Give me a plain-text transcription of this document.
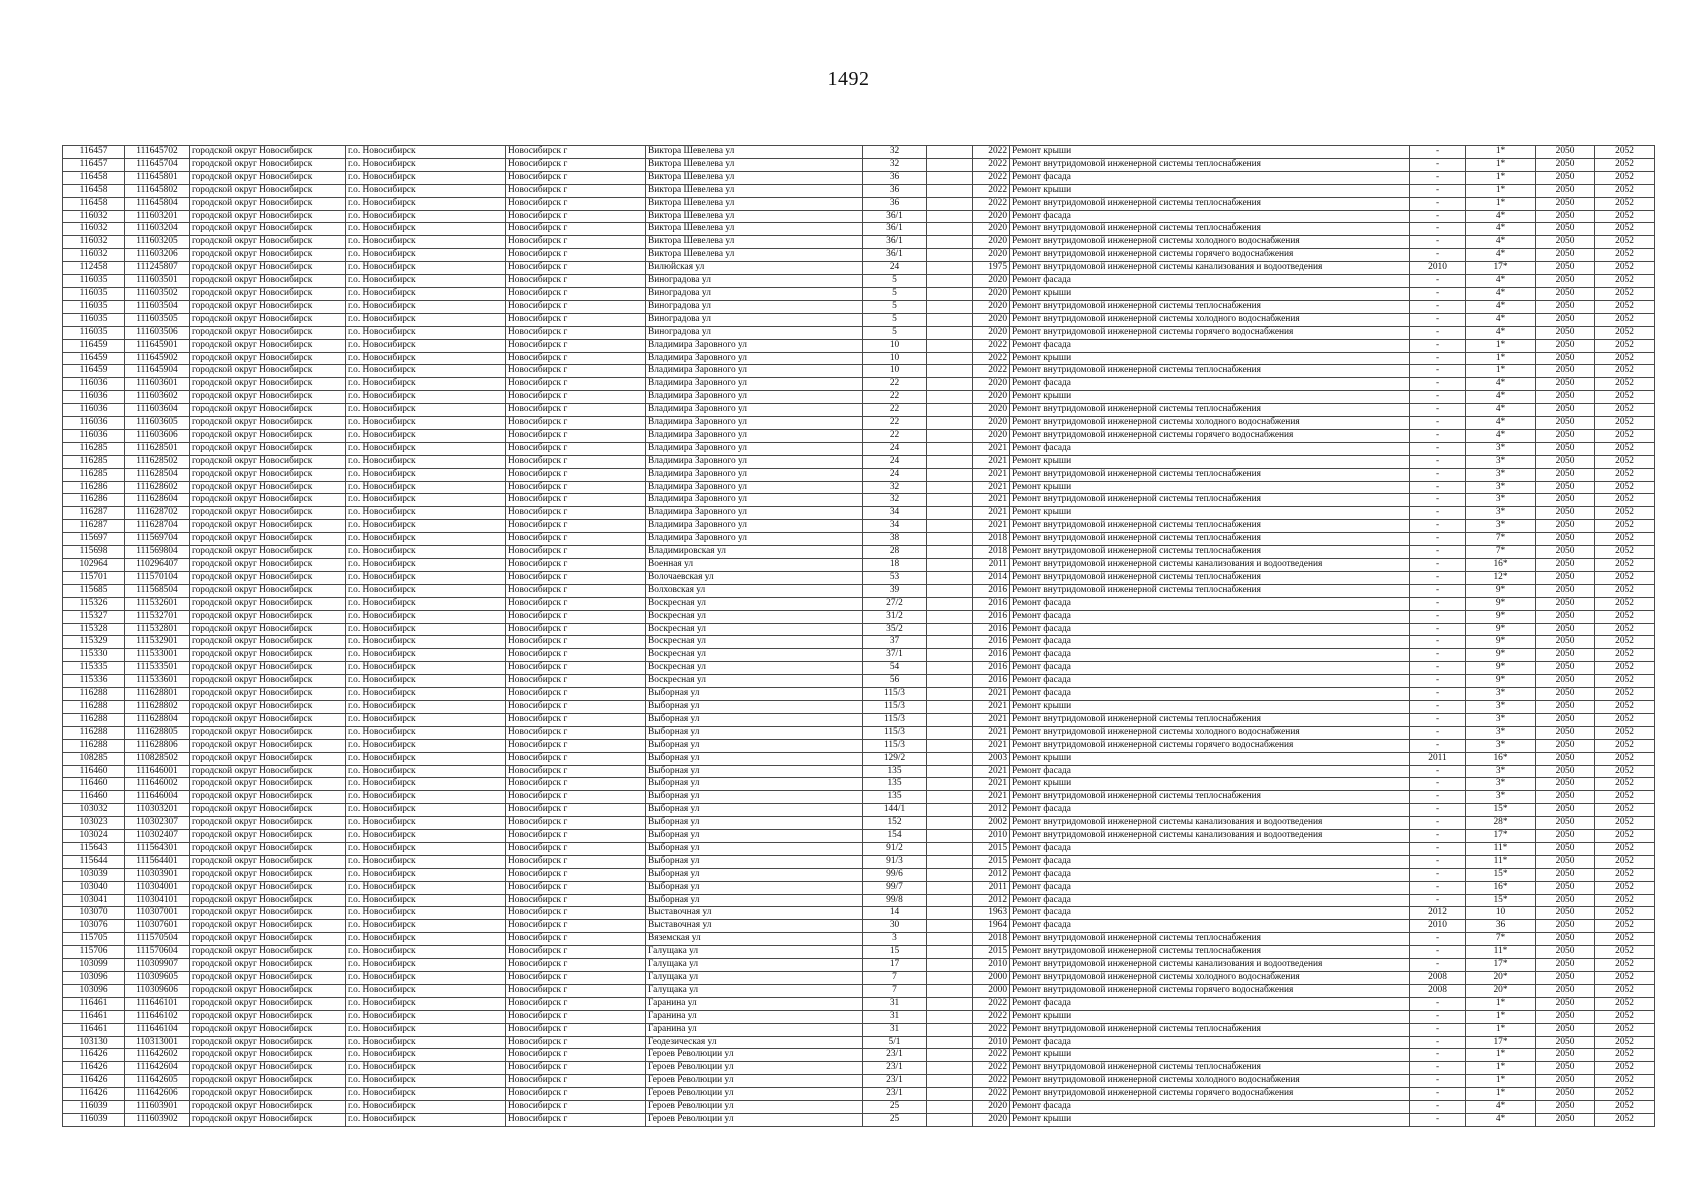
1492
116457	111645702	городской округ Новосибирск	г.о. Новосибирск	Новосибирск г	Виктора Шевелева ул	32		2022	Ремонт крыши	-	1*	2050	2052
116457	111645704	городской округ Новосибирск	г.о. Новосибирск	Новосибирск г	Виктора Шевелева ул	32		2022	Ремонт внутридомовой инженерной системы теплоснабжения	-	1*	2050	2052
116458	111645801	городской округ Новосибирск	г.о. Новосибирск	Новосибирск г	Виктора Шевелева ул	36		2022	Ремонт фасада	-	1*	2050	2052
116458	111645802	городской округ Новосибирск	г.о. Новосибирск	Новосибирск г	Виктора Шевелева ул	36		2022	Ремонт крыши	-	1*	2050	2052
116458	111645804	городской округ Новосибирск	г.о. Новосибирск	Новосибирск г	Виктора Шевелева ул	36		2022	Ремонт внутридомовой инженерной системы теплоснабжения	-	1*	2050	2052
116032	111603201	городской округ Новосибирск	г.о. Новосибирск	Новосибирск г	Виктора Шевелева ул	36/1		2020	Ремонт фасада	-	4*	2050	2052
116032	111603204	городской округ Новосибирск	г.о. Новосибирск	Новосибирск г	Виктора Шевелева ул	36/1		2020	Ремонт внутридомовой инженерной системы теплоснабжения	-	4*	2050	2052
116032	111603205	городской округ Новосибирск	г.о. Новосибирск	Новосибирск г	Виктора Шевелева ул	36/1		2020	Ремонт внутридомовой инженерной системы холодного водоснабжения	-	4*	2050	2052
116032	111603206	городской округ Новосибирск	г.о. Новосибирск	Новосибирск г	Виктора Шевелева ул	36/1		2020	Ремонт внутридомовой инженерной системы горячего водоснабжения	-	4*	2050	2052
112458	111245807	городской округ Новосибирск	г.о. Новосибирск	Новосибирск г	Вилюйская ул	24		1975	Ремонт внутридомовой инженерной системы канализования и водоотведения	2010	17*	2050	2052
116035	111603501	городской округ Новосибирск	г.о. Новосибирск	Новосибирск г	Виноградова ул	5		2020	Ремонт фасада	-	4*	2050	2052
116035	111603502	городской округ Новосибирск	г.о. Новосибирск	Новосибирск г	Виноградова ул	5		2020	Ремонт крыши	-	4*	2050	2052
116035	111603504	городской округ Новосибирск	г.о. Новосибирск	Новосибирск г	Виноградова ул	5		2020	Ремонт внутридомовой инженерной системы теплоснабжения	-	4*	2050	2052
116035	111603505	городской округ Новосибирск	г.о. Новосибирск	Новосибирск г	Виноградова ул	5		2020	Ремонт внутридомовой инженерной системы холодного водоснабжения	-	4*	2050	2052
116035	111603506	городской округ Новосибирск	г.о. Новосибирск	Новосибирск г	Виноградова ул	5		2020	Ремонт внутридомовой инженерной системы горячего водоснабжения	-	4*	2050	2052
116459	111645901	городской округ Новосибирск	г.о. Новосибирск	Новосибирск г	Владимира Заровного ул	10		2022	Ремонт фасада	-	1*	2050	2052
116459	111645902	городской округ Новосибирск	г.о. Новосибирск	Новосибирск г	Владимира Заровного ул	10		2022	Ремонт крыши	-	1*	2050	2052
116459	111645904	городской округ Новосибирск	г.о. Новосибирск	Новосибирск г	Владимира Заровного ул	10		2022	Ремонт внутридомовой инженерной системы теплоснабжения	-	1*	2050	2052
116036	111603601	городской округ Новосибирск	г.о. Новосибирск	Новосибирск г	Владимира Заровного ул	22		2020	Ремонт фасада	-	4*	2050	2052
116036	111603602	городской округ Новосибирск	г.о. Новосибирск	Новосибирск г	Владимира Заровного ул	22		2020	Ремонт крыши	-	4*	2050	2052
116036	111603604	городской округ Новосибирск	г.о. Новосибирск	Новосибирск г	Владимира Заровного ул	22		2020	Ремонт внутридомовой инженерной системы теплоснабжения	-	4*	2050	2052
116036	111603605	городской округ Новосибирск	г.о. Новосибирск	Новосибирск г	Владимира Заровного ул	22		2020	Ремонт внутридомовой инженерной системы холодного водоснабжения	-	4*	2050	2052
116036	111603606	городской округ Новосибирск	г.о. Новосибирск	Новосибирск г	Владимира Заровного ул	22		2020	Ремонт внутридомовой инженерной системы горячего водоснабжения	-	4*	2050	2052
116285	111628501	городской округ Новосибирск	г.о. Новосибирск	Новосибирск г	Владимира Заровного ул	24		2021	Ремонт фасада	-	3*	2050	2052
116285	111628502	городской округ Новосибирск	г.о. Новосибирск	Новосибирск г	Владимира Заровного ул	24		2021	Ремонт крыши	-	3*	2050	2052
116285	111628504	городской округ Новосибирск	г.о. Новосибирск	Новосибирск г	Владимира Заровного ул	24		2021	Ремонт внутридомовой инженерной системы теплоснабжения	-	3*	2050	2052
116286	111628602	городской округ Новосибирск	г.о. Новосибирск	Новосибирск г	Владимира Заровного ул	32		2021	Ремонт крыши	-	3*	2050	2052
116286	111628604	городской округ Новосибирск	г.о. Новосибирск	Новосибирск г	Владимира Заровного ул	32		2021	Ремонт внутридомовой инженерной системы теплоснабжения	-	3*	2050	2052
116287	111628702	городской округ Новосибирск	г.о. Новосибирск	Новосибирск г	Владимира Заровного ул	34		2021	Ремонт крыши	-	3*	2050	2052
116287	111628704	городской округ Новосибирск	г.о. Новосибирск	Новосибирск г	Владимира Заровного ул	34		2021	Ремонт внутридомовой инженерной системы теплоснабжения	-	3*	2050	2052
115697	111569704	городской округ Новосибирск	г.о. Новосибирск	Новосибирск г	Владимира Заровного ул	38		2018	Ремонт внутридомовой инженерной системы теплоснабжения	-	7*	2050	2052
115698	111569804	городской округ Новосибирск	г.о. Новосибирск	Новосибирск г	Владимировская ул	28		2018	Ремонт внутридомовой инженерной системы теплоснабжения	-	7*	2050	2052
102964	110296407	городской округ Новосибирск	г.о. Новосибирск	Новосибирск г	Военная ул	18		2011	Ремонт внутридомовой инженерной системы канализования и водоотведения	-	16*	2050	2052
115701	111570104	городской округ Новосибирск	г.о. Новосибирск	Новосибирск г	Волочаевская ул	53		2014	Ремонт внутридомовой инженерной системы теплоснабжения	-	12*	2050	2052
115685	111568504	городской округ Новосибирск	г.о. Новосибирск	Новосибирск г	Волховская ул	39		2016	Ремонт внутридомовой инженерной системы теплоснабжения	-	9*	2050	2052
115326	111532601	городской округ Новосибирск	г.о. Новосибирск	Новосибирск г	Воскресная ул	27/2		2016	Ремонт фасада	-	9*	2050	2052
115327	111532701	городской округ Новосибирск	г.о. Новосибирск	Новосибирск г	Воскресная ул	31/2		2016	Ремонт фасада	-	9*	2050	2052
115328	111532801	городской округ Новосибирск	г.о. Новосибирск	Новосибирск г	Воскресная ул	35/2		2016	Ремонт фасада	-	9*	2050	2052
115329	111532901	городской округ Новосибирск	г.о. Новосибирск	Новосибирск г	Воскресная ул	37		2016	Ремонт фасада	-	9*	2050	2052
115330	111533001	городской округ Новосибирск	г.о. Новосибирск	Новосибирск г	Воскресная ул	37/1		2016	Ремонт фасада	-	9*	2050	2052
115335	111533501	городской округ Новосибирск	г.о. Новосибирск	Новосибирск г	Воскресная ул	54		2016	Ремонт фасада	-	9*	2050	2052
115336	111533601	городской округ Новосибирск	г.о. Новосибирск	Новосибирск г	Воскресная ул	56		2016	Ремонт фасада	-	9*	2050	2052
116288	111628801	городской округ Новосибирск	г.о. Новосибирск	Новосибирск г	Выборная ул	115/3		2021	Ремонт фасада	-	3*	2050	2052
116288	111628802	городской округ Новосибирск	г.о. Новосибирск	Новосибирск г	Выборная ул	115/3		2021	Ремонт крыши	-	3*	2050	2052
116288	111628804	городской округ Новосибирск	г.о. Новосибирск	Новосибирск г	Выборная ул	115/3		2021	Ремонт внутридомовой инженерной системы теплоснабжения	-	3*	2050	2052
116288	111628805	городской округ Новосибирск	г.о. Новосибирск	Новосибирск г	Выборная ул	115/3		2021	Ремонт внутридомовой инженерной системы холодного водоснабжения	-	3*	2050	2052
116288	111628806	городской округ Новосибирск	г.о. Новосибирск	Новосибирск г	Выборная ул	115/3		2021	Ремонт внутридомовой инженерной системы горячего водоснабжения	-	3*	2050	2052
108285	110828502	городской округ Новосибирск	г.о. Новосибирск	Новосибирск г	Выборная ул	129/2		2003	Ремонт крыши	2011	16*	2050	2052
116460	111646001	городской округ Новосибирск	г.о. Новосибирск	Новосибирск г	Выборная ул	135		2021	Ремонт фасада	-	3*	2050	2052
116460	111646002	городской округ Новосибирск	г.о. Новосибирск	Новосибирск г	Выборная ул	135		2021	Ремонт крыши	-	3*	2050	2052
116460	111646004	городской округ Новосибирск	г.о. Новосибирск	Новосибирск г	Выборная ул	135		2021	Ремонт внутридомовой инженерной системы теплоснабжения	-	3*	2050	2052
103032	110303201	городской округ Новосибирск	г.о. Новосибирск	Новосибирск г	Выборная ул	144/1		2012	Ремонт фасада	-	15*	2050	2052
103023	110302307	городской округ Новосибирск	г.о. Новосибирск	Новосибирск г	Выборная ул	152		2002	Ремонт внутридомовой инженерной системы канализования и водоотведения	-	28*	2050	2052
103024	110302407	городской округ Новосибирск	г.о. Новосибирск	Новосибирск г	Выборная ул	154		2010	Ремонт внутридомовой инженерной системы канализования и водоотведения	-	17*	2050	2052
115643	111564301	городской округ Новосибирск	г.о. Новосибирск	Новосибирск г	Выборная ул	91/2		2015	Ремонт фасада	-	11*	2050	2052
115644	111564401	городской округ Новосибирск	г.о. Новосибирск	Новосибирск г	Выборная ул	91/3		2015	Ремонт фасада	-	11*	2050	2052
103039	110303901	городской округ Новосибирск	г.о. Новосибирск	Новосибирск г	Выборная ул	99/6		2012	Ремонт фасада	-	15*	2050	2052
103040	110304001	городской округ Новосибирск	г.о. Новосибирск	Новосибирск г	Выборная ул	99/7		2011	Ремонт фасада	-	16*	2050	2052
103041	110304101	городской округ Новосибирск	г.о. Новосибирск	Новосибирск г	Выборная ул	99/8		2012	Ремонт фасада	-	15*	2050	2052
103070	110307001	городской округ Новосибирск	г.о. Новосибирск	Новосибирск г	Выставочная ул	14		1963	Ремонт фасада	2012	10	2050	2052
103076	110307601	городской округ Новосибирск	г.о. Новосибирск	Новосибирск г	Выставочная ул	30		1964	Ремонт фасада	2010	36	2050	2052
115705	111570504	городской округ Новосибирск	г.о. Новосибирск	Новосибирск г	Вяземская ул	3		2018	Ремонт внутридомовой инженерной системы теплоснабжения	-	7*	2050	2052
115706	111570604	городской округ Новосибирск	г.о. Новосибирск	Новосибирск г	Галущака ул	15		2015	Ремонт внутридомовой инженерной системы теплоснабжения	-	11*	2050	2052
103099	110309907	городской округ Новосибирск	г.о. Новосибирск	Новосибирск г	Галущака ул	17		2010	Ремонт внутридомовой инженерной системы канализования и водоотведения	-	17*	2050	2052
103096	110309605	городской округ Новосибирск	г.о. Новосибирск	Новосибирск г	Галущака ул	7		2000	Ремонт внутридомовой инженерной системы холодного водоснабжения	2008	20*	2050	2052
103096	110309606	городской округ Новосибирск	г.о. Новосибирск	Новосибирск г	Галущака ул	7		2000	Ремонт внутридомовой инженерной системы горячего водоснабжения	2008	20*	2050	2052
116461	111646101	городской округ Новосибирск	г.о. Новосибирск	Новосибирск г	Гаранина ул	31		2022	Ремонт фасада	-	1*	2050	2052
116461	111646102	городской округ Новосибирск	г.о. Новосибирск	Новосибирск г	Гаранина ул	31		2022	Ремонт крыши	-	1*	2050	2052
116461	111646104	городской округ Новосибирск	г.о. Новосибирск	Новосибирск г	Гаранина ул	31		2022	Ремонт внутридомовой инженерной системы теплоснабжения	-	1*	2050	2052
103130	110313001	городской округ Новосибирск	г.о. Новосибирск	Новосибирск г	Геодезическая ул	5/1		2010	Ремонт фасада	-	17*	2050	2052
116426	111642602	городской округ Новосибирск	г.о. Новосибирск	Новосибирск г	Героев Революции ул	23/1		2022	Ремонт крыши	-	1*	2050	2052
116426	111642604	городской округ Новосибирск	г.о. Новосибирск	Новосибирск г	Героев Революции ул	23/1		2022	Ремонт внутридомовой инженерной системы теплоснабжения	-	1*	2050	2052
116426	111642605	городской округ Новосибирск	г.о. Новосибирск	Новосибирск г	Героев Революции ул	23/1		2022	Ремонт внутридомовой инженерной системы холодного водоснабжения	-	1*	2050	2052
116426	111642606	городской округ Новосибирск	г.о. Новосибирск	Новосибирск г	Героев Революции ул	23/1		2022	Ремонт внутридомовой инженерной системы горячего водоснабжения	-	1*	2050	2052
116039	111603901	городской округ Новосибирск	г.о. Новосибирск	Новосибирск г	Героев Революции ул	25		2020	Ремонт фасада	-	4*	2050	2052
116039	111603902	городской округ Новосибирск	г.о. Новосибирск	Новосибирск г	Героев Революции ул	25		2020	Ремонт крыши	-	4*	2050	2052
